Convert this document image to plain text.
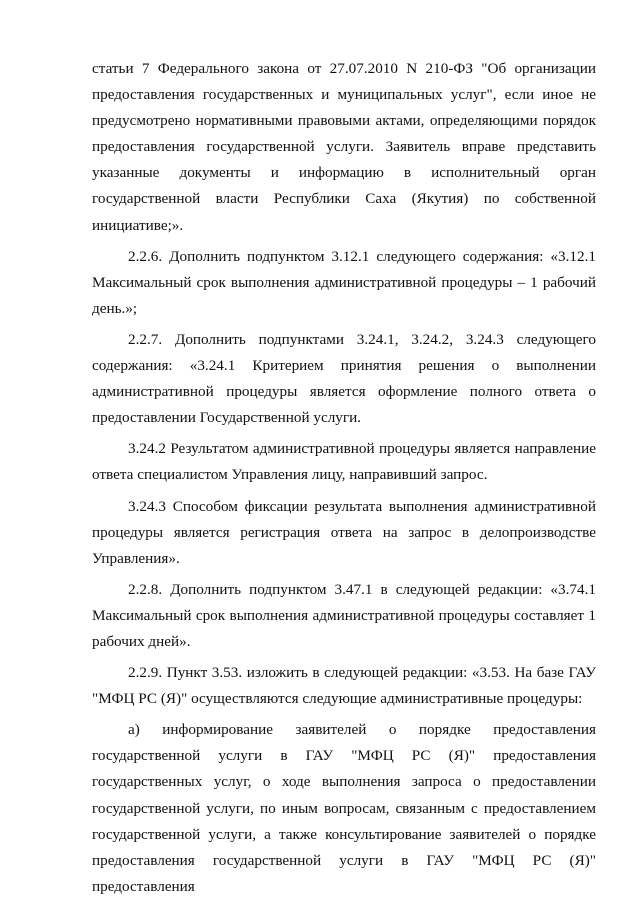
статьи 7 Федерального закона от 27.07.2010 N 210-ФЗ "Об организации предоставления государственных и муниципальных услуг", если иное не предусмотрено нормативными правовыми актами, определяющими порядок предоставления государственной услуги. Заявитель вправе представить указанные документы и информацию в исполнительный орган государственной власти Республики Саха (Якутия) по собственной инициативе;».

2.2.6. Дополнить подпунктом 3.12.1 следующего содержания: «3.12.1 Максимальный срок выполнения административной процедуры – 1 рабочий день.»;

2.2.7. Дополнить подпунктами 3.24.1, 3.24.2, 3.24.3 следующего содержания: «3.24.1 Критерием принятия решения о выполнении административной процедуры является оформление полного ответа о предоставлении Государственной услуги.

3.24.2 Результатом административной процедуры является направление ответа специалистом Управления лицу, направивший запрос.

3.24.3 Способом фиксации результата выполнения административной процедуры является регистрация ответа на запрос в делопроизводстве Управления».

2.2.8. Дополнить подпунктом 3.47.1 в следующей редакции: «3.74.1 Максимальный срок выполнения административной процедуры составляет 1 рабочих дней».

2.2.9. Пункт 3.53. изложить в следующей редакции: «3.53. На базе ГАУ "МФЦ РС (Я)" осуществляются следующие административные процедуры:

а) информирование заявителей о порядке предоставления государственной услуги в ГАУ "МФЦ РС (Я)" предоставления государственных услуг, о ходе выполнения запроса о предоставлении государственной услуги, по иным вопросам, связанным с предоставлением государственной услуги, а также консультирование заявителей о порядке предоставления государственной услуги в ГАУ "МФЦ РС (Я)" предоставления
